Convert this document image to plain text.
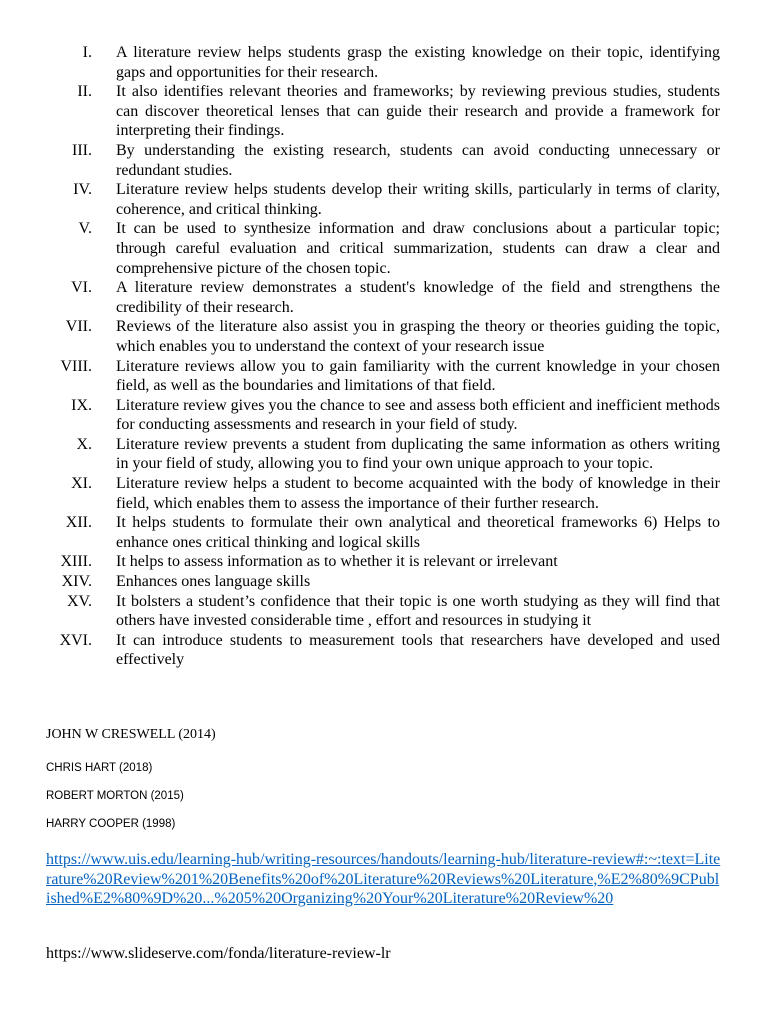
I. A literature review helps students grasp the existing knowledge on their topic, identifying gaps and opportunities for their research.
II. It also identifies relevant theories and frameworks; by reviewing previous studies, students can discover theoretical lenses that can guide their research and provide a framework for interpreting their findings.
III. By understanding the existing research, students can avoid conducting unnecessary or redundant studies.
IV. Literature review helps students develop their writing skills, particularly in terms of clarity, coherence, and critical thinking.
V. It can be used to synthesize information and draw conclusions about a particular topic; through careful evaluation and critical summarization, students can draw a clear and comprehensive picture of the chosen topic.
VI. A literature review demonstrates a student's knowledge of the field and strengthens the credibility of their research.
VII. Reviews of the literature also assist you in grasping the theory or theories guiding the topic, which enables you to understand the context of your research issue
VIII. Literature reviews allow you to gain familiarity with the current knowledge in your chosen field, as well as the boundaries and limitations of that field.
IX. Literature review gives you the chance to see and assess both efficient and inefficient methods for conducting assessments and research in your field of study.
X. Literature review prevents a student from duplicating the same information as others writing in your field of study, allowing you to find your own unique approach to your topic.
XI. Literature review helps a student to become acquainted with the body of knowledge in their field, which enables them to assess the importance of their further research.
XII. It helps students to formulate their own analytical and theoretical frameworks 6) Helps to enhance ones critical thinking and logical skills
XIII. It helps to assess information as to whether it is relevant or irrelevant
XIV. Enhances ones language skills
XV. It bolsters a student’s confidence that their topic is one worth studying as they will find that others have invested considerable time , effort and resources in studying it
XVI. It can introduce students to measurement tools that researchers have developed and used effectively

JOHN W CRESWELL (2014)

CHRIS HART (2018)

ROBERT MORTON (2015)

HARRY COOPER (1998)

https://www.uis.edu/learning-hub/writing-resources/handouts/learning-hub/literature-review#:~:text=Literature%20Review%201%20Benefits%20of%20Literature%20Reviews%20Literature,%E2%80%9CPublished%E2%80%9D%20...%205%20Organizing%20Your%20Literature%20Review%20

https://www.slideserve.com/fonda/literature-review-lr
